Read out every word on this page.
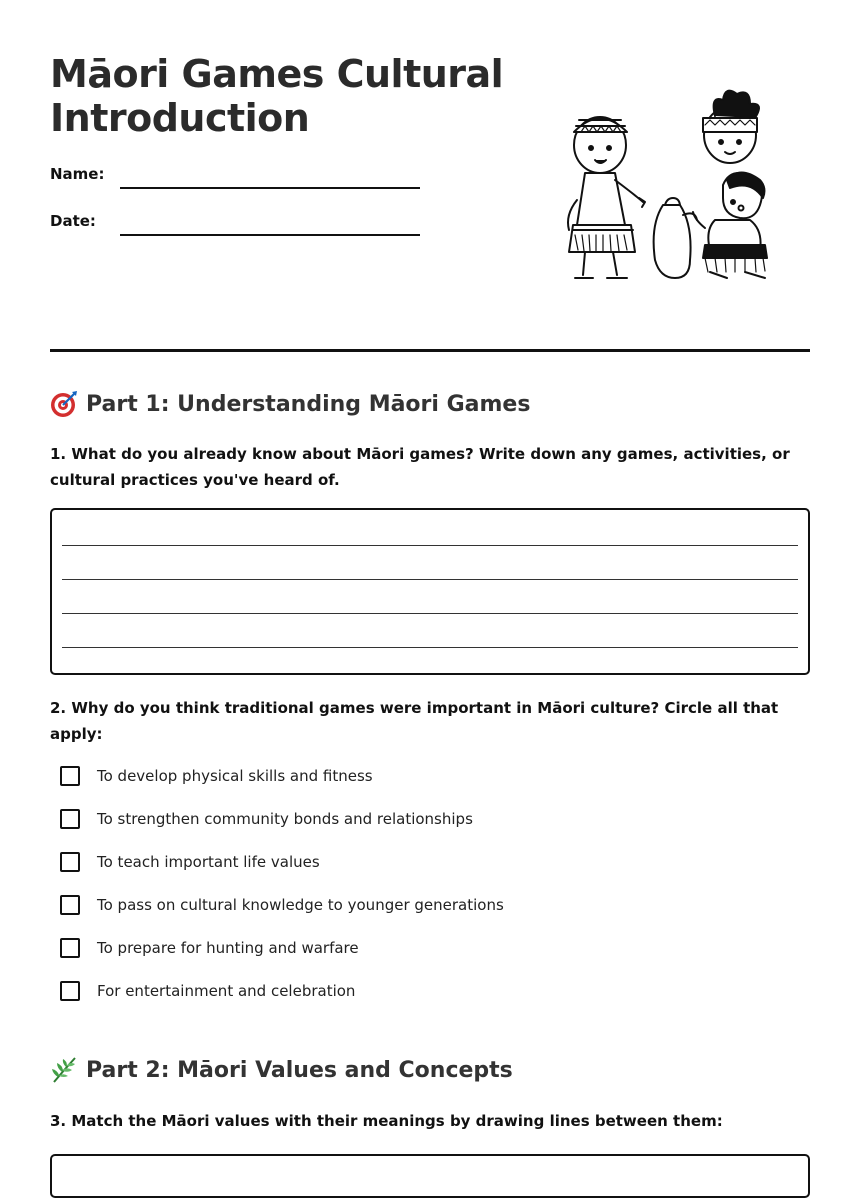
Māori Games Cultural
Introduction
Name:
Date:
Part 1: Understanding Māori Games

1. What do you already know about Māori games? Write down any games, activities, or cultural practices you've heard of.

2. Why do you think traditional games were important in Māori culture? Circle all that apply:

To develop physical skills and fitness
To strengthen community bonds and relationships
To teach important life values
To pass on cultural knowledge to younger generations
To prepare for hunting and warfare
For entertainment and celebration
Part 2: Māori Values and Concepts

3. Match the Māori values with their meanings by drawing lines between them:
